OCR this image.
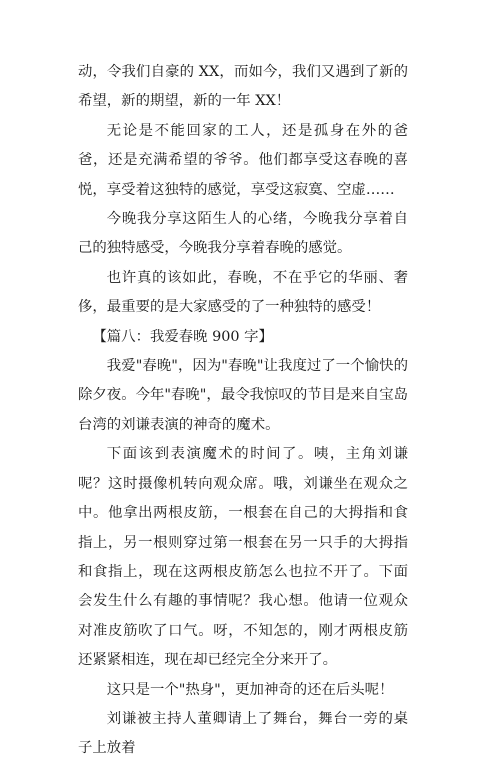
动，令我们自豪的 XX，而如今，我们又遇到了新的希望，新的期望，新的一年 XX！

无论是不能回家的工人，还是孤身在外的爸爸，还是充满希望的爷爷。他们都享受这春晚的喜悦，享受着这独特的感觉，享受这寂寞、空虚……

今晚我分享这陌生人的心绪，今晚我分享着自己的独特感受，今晚我分享着春晚的感觉。

也许真的该如此，春晚，不在乎它的华丽、奢侈，最重要的是大家感受的了一种独特的感受！

【篇八：我爱春晚 900 字】

我爱"春晚"，因为"春晚"让我度过了一个愉快的除夕夜。今年"春晚"，最令我惊叹的节目是来自宝岛台湾的刘谦表演的神奇的魔术。

下面该到表演魔术的时间了。咦，主角刘谦呢？这时摄像机转向观众席。哦，刘谦坐在观众之中。他拿出两根皮筋，一根套在自己的大拇指和食指上，另一根则穿过第一根套在另一只手的大拇指和食指上，现在这两根皮筋怎么也拉不开了。下面会发生什么有趣的事情呢？我心想。他请一位观众对准皮筋吹了口气。呀，不知怎的，刚才两根皮筋还紧紧相连，现在却已经完全分来开了。

这只是一个"热身"，更加神奇的还在后头呢！

刘谦被主持人董卿请上了舞台，舞台一旁的桌子上放着
